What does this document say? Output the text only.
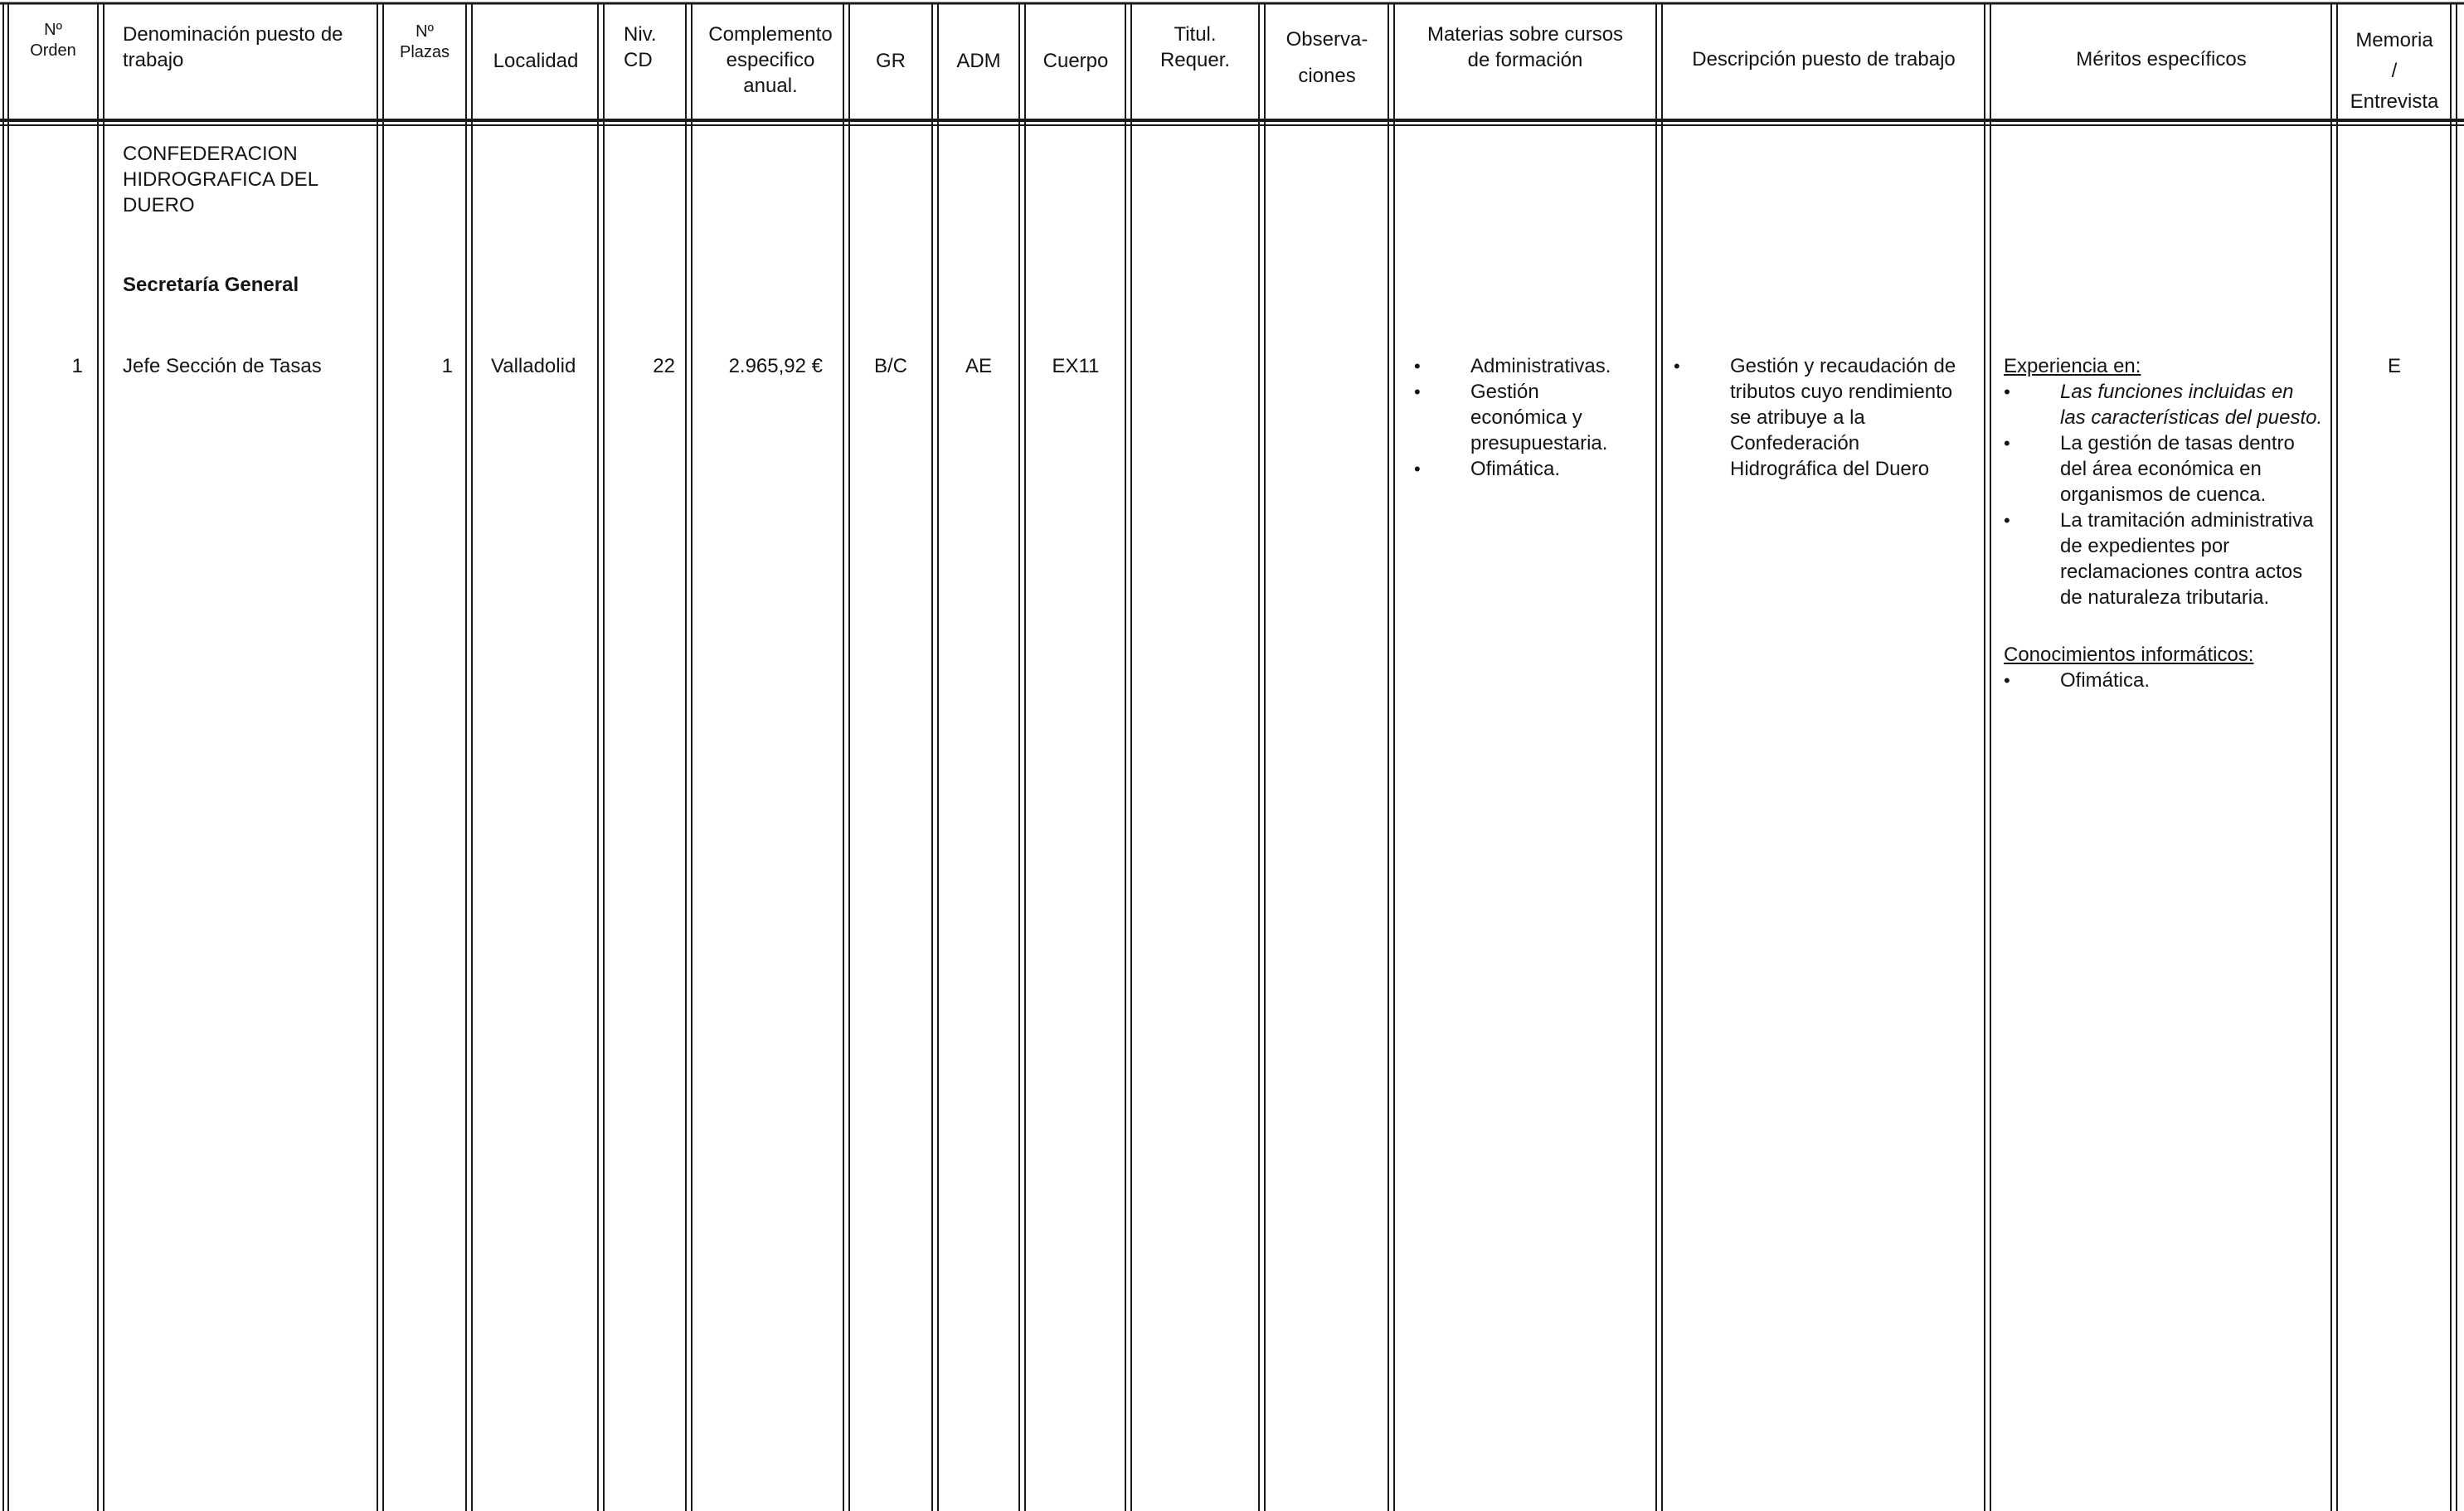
Nº
Orden
Denominación puesto de trabajo
Nº
Plazas	Localidad
Niv.
CD
Complemento
especifico
anual.
GR	ADM	Cuerpo
Titul.
Requer.
Observa-
ciones
Materias sobre cursos
de formación	Descripción puesto de trabajo	Méritos específicos
Memoria
/
Entrevista
CONFEDERACION
HIDROGRAFICA DEL
DUERO
Secretaría General
1 Jefe Sección de Tasas	1 Valladolid	22	2.965,92 €	B/C	AE	EX11
•	Administrativas.
• Gestión económica y presupuestaria.
• Ofimática.
• Gestión y recaudación de tributos cuyo rendimiento se atribuye a la Confederación Hidrográfica del Duero
Experiencia en:
• Las funciones incluidas en las características del puesto.
• La gestión de tasas dentro del área económica en organismos de cuenca.
• La tramitación administrativa de expedientes por reclamaciones contra actos de naturaleza tributaria.
Conocimientos informáticos:
• Ofimática.
E
